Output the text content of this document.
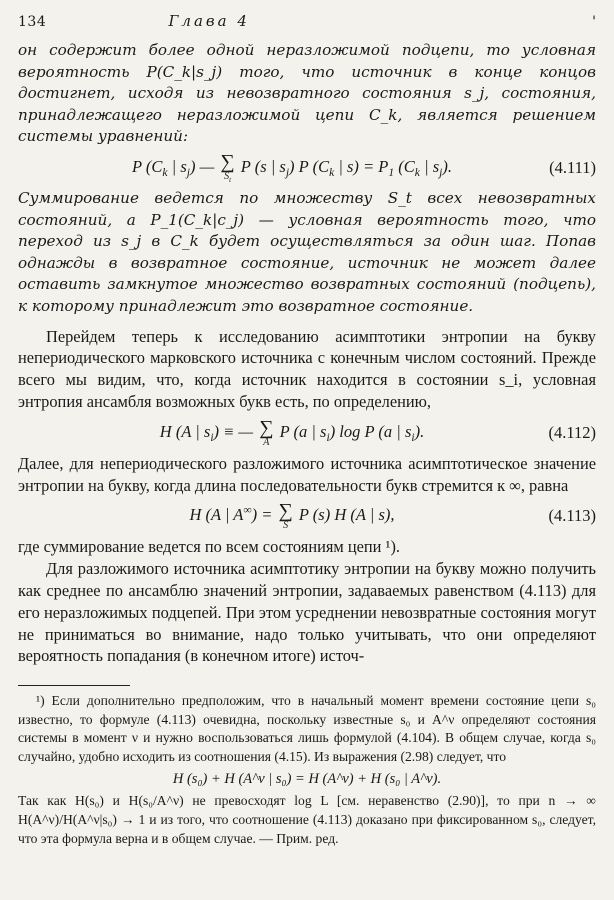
134	Глава 4	'

он содержит более одной неразложимой подцепи, то условная вероятность P(C_k|s_j) того, что источник в конце концов достигнет, исходя из невозвратного состояния s_j, состояния, принадлежащего неразложимой цепи C_k, является решением системы уравнений:

P ($C_k$ | $s_j$) — ∑
$S_t$
P (s | $s_j$) P ($C_k$ | $s) = P_1$ ($C_k$ | $s_j$).	(4.111)

Суммирование ведется по множеству S_t всех невозвратных состояний, а P_1(C_k|c_j) — условная вероятность того, что переход из s_j в C_k будет осуществляться за один шаг. Попав однажды в возвратное состояние, источник не может далее оставить замкнутое множество возвратных состояний (подцепь), к которому принадлежит это возвратное состояние.

Перейдем теперь к исследованию асимптотики энтропии на букву непериодического марковского источника с конечным числом состояний. Прежде всего мы видим, что, когда источник находится в состоянии s_i, условная энтропия ансамбля возможных букв есть, по определению,

H (A | $s_i$) ≡ — ∑
A
P (a | $s_i$) log P (a | $s_i$).	(4.112)

Далее, для непериодического разложимого источника асимптотическое значение энтропии на букву, когда длина последовательности букв стремится к ∞, равна

H (A | A∞) = ∑
S
P (s) H (A | s),	(4.113)

где суммирование ведется по всем состояниям цепи ¹).

Для разложимого источника асимптотику энтропии на букву можно получить как среднее по ансамблю значений энтропии, задаваемых равенством (4.113) для его неразложимых подцепей. При этом усреднении невозвратные состояния могут не приниматься во внимание, надо только учитывать, что они определяют вероятность попадания (в конечном итоге) источ-

¹) Если дополнительно предположим, что в начальный момент времени состояние цепи s₀ известно, то формуле (4.113) очевидна, поскольку известные s₀ и A^ν определяют состояния системы в момент ν и нужно воспользоваться лишь формулой (4.104). В общем случае, когда s₀ случайно, удобно исходить из соотношения (4.15). Из выражения (2.98) следует, что

H (s₀) + H (A^ν | s₀) = H (A^ν) + H (s₀ | A^ν).

Так как H(s₀) и H(s₀/A^ν) не превосходят log L [см. неравенство (2.90)], то при n → ∞ H(A^ν)/H(A^ν|s₀) → 1 и из того, что соотношение (4.113) доказано при фиксированном s₀, следует, что эта формула верна и в общем случае. — Прим. ред.
